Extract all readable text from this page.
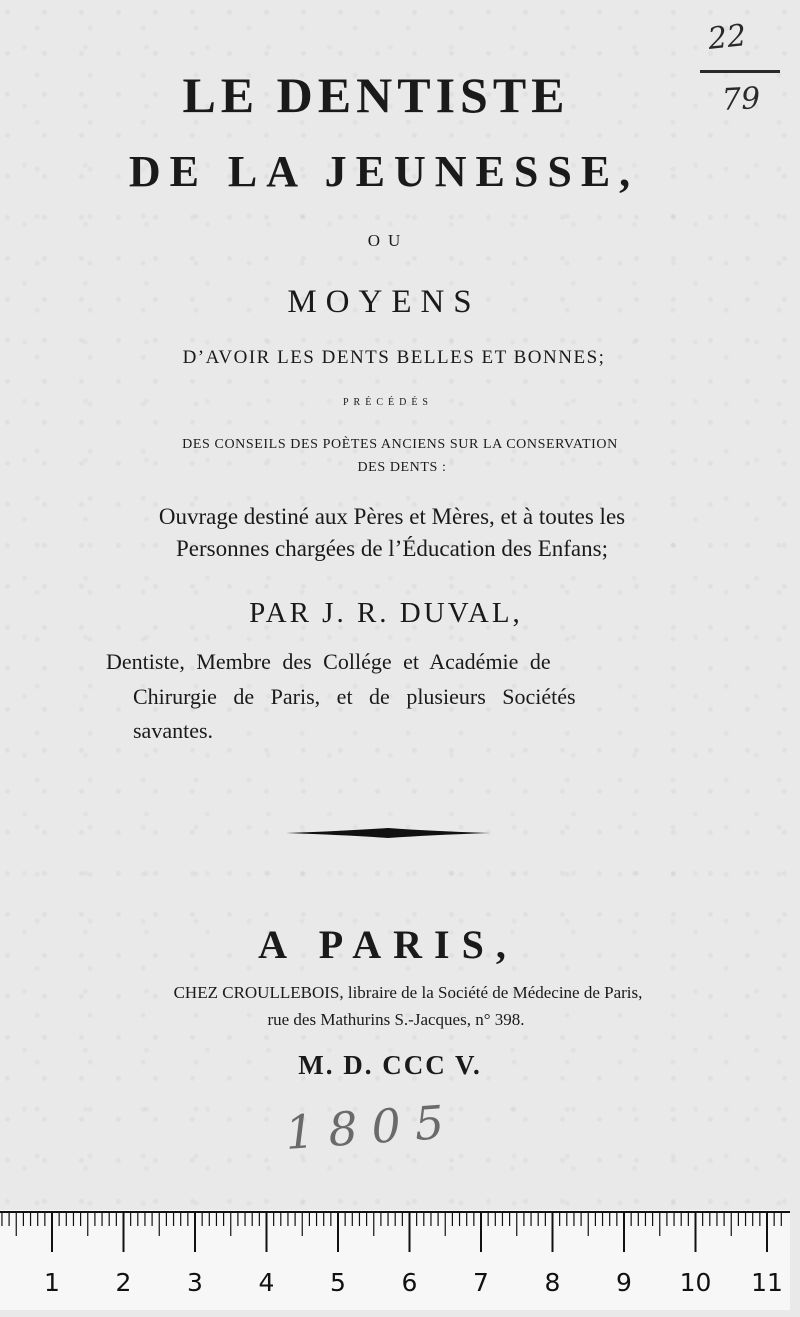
22
79
LE DENTISTE
DE LA JEUNESSE,
OU
MOYENS
D’AVOIR LES DENTS BELLES ET BONNES;
PRÉCÉDÉS
DES CONSEILS DES POÈTES ANCIENS SUR LA CONSERVATION
DES DENTS :
Ouvrage destiné aux Pères et Mères, et à toutes les
Personnes chargées de l’Éducation des Enfans;
PAR J. R. DUVAL,
Dentiste, Membre des Collége et Académie de
Chirurgie de Paris, et de plusieurs Sociétés
savantes.
A PARIS,
CHEZ CROULLEBOIS, libraire de la Société de Médecine de Paris,
rue des Mathurins S.-Jacques, n° 398.
M. D. CCC V.
1805
1	2	3	4	5	6	7	8	9	10 11
